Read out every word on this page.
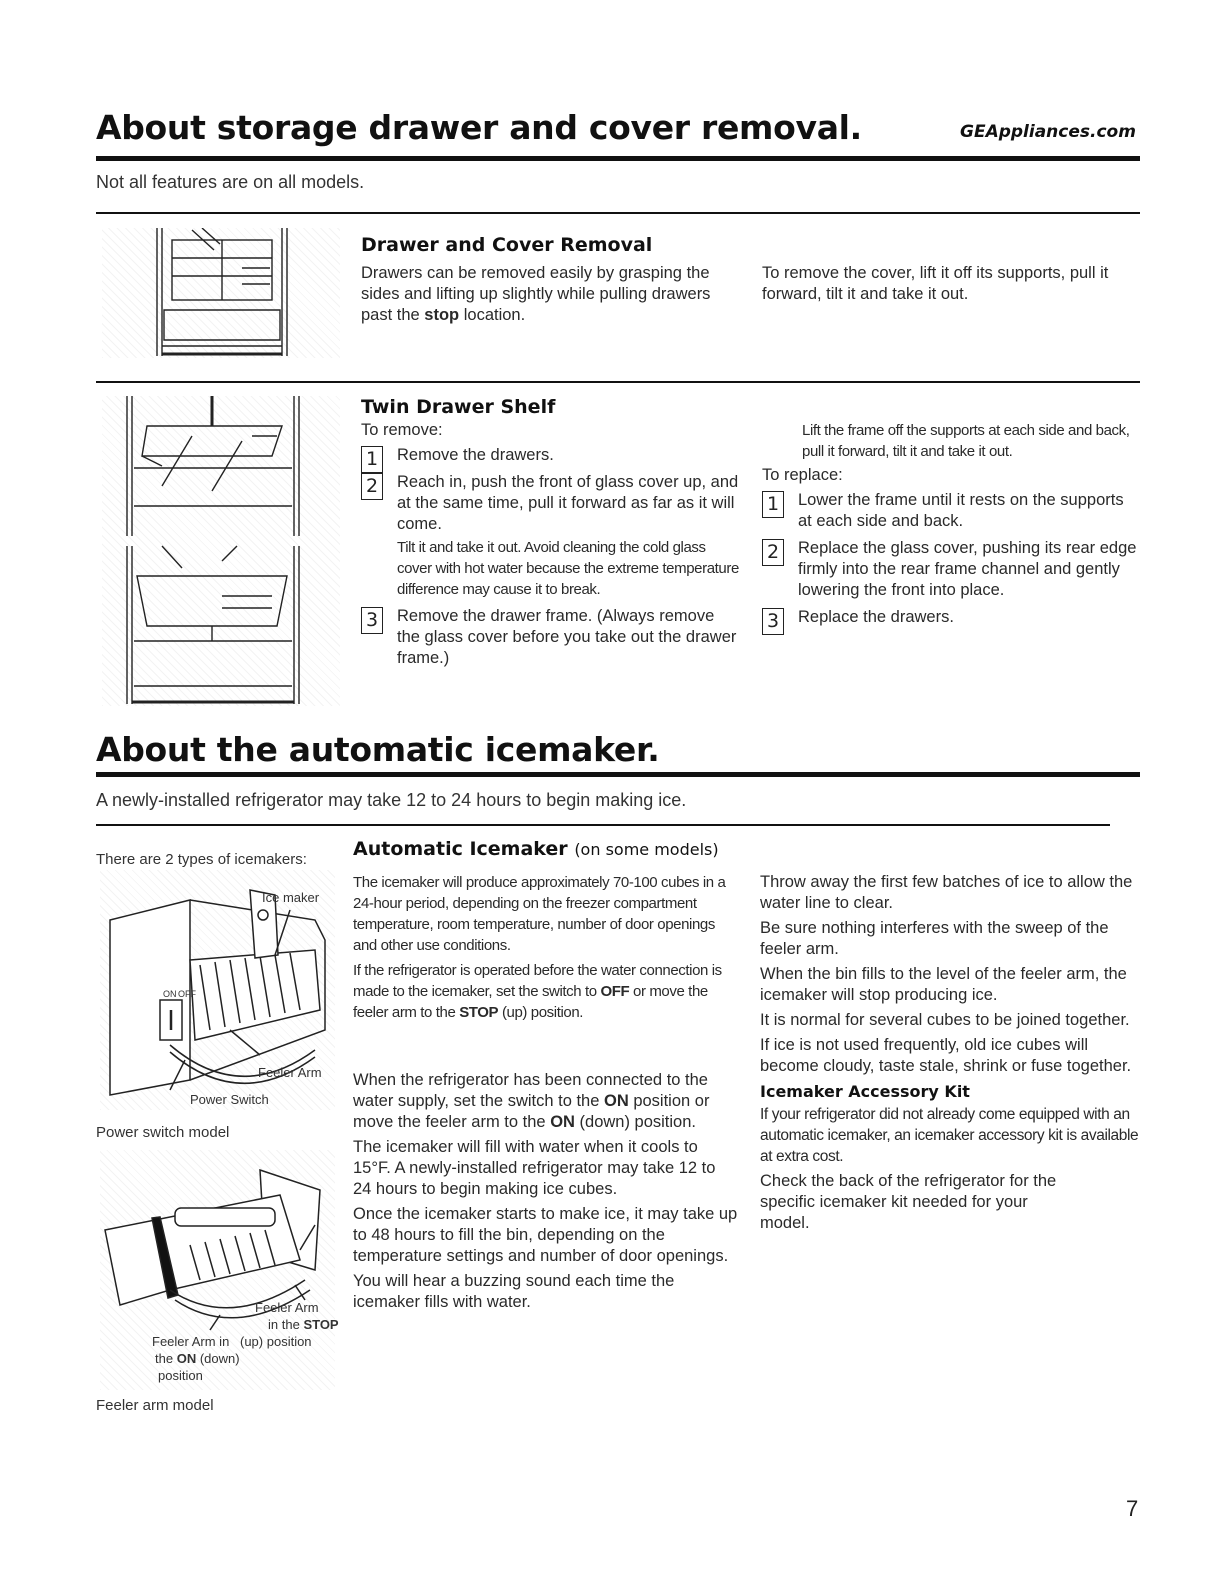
About storage drawer and cover removal.	GEAppliances.com
Not all features are on all models.
Drawer and Cover Removal
Drawers can be removed easily by grasping the sides and lifting up slightly while pulling drawers past the stop location.
To remove the cover, lift it off its supports, pull it forward, tilt it and take it out.
Twin Drawer Shelf

To remove:

1	Remove the drawers.
2	Reach in, push the front of glass cover up, and at the same time, pull it forward as far as it will come.
Tilt it and take it out. Avoid cleaning the cold glass cover with hot water because the extreme temperature difference may cause it to break.
3	Remove the drawer frame. (Always remove the glass cover before you take out the drawer frame.)
Lift the frame off the supports at each side and back, pull it forward, tilt it and take it out.

To replace:

1	Lower the frame until it rests on the supports at each side and back.
2	Replace the glass cover, pushing its rear edge firmly into the rear frame channel and gently lowering the front into place.
3	Replace the drawers.
About the automatic icemaker.
A newly-installed refrigerator may take 12 to 24 hours to begin making ice.
There are 2 types of icemakers:
ON OFF
Ice maker
Feeler Arm
Power Switch
Power switch model
Feeler Arm
in the STOP
(up) position
Feeler Arm in
the ON (down)
position
Feeler arm model
Automatic Icemaker (on some models)

The icemaker will produce approximately 70-100 cubes in a 24-hour period, depending on the freezer compartment temperature, room temperature, number of door openings and other use conditions.

If the refrigerator is operated before the water connection is made to the icemaker, set the switch to OFF or move the feeler arm to the STOP (up) position.

When the refrigerator has been connected to the water supply, set the switch to the ON position or move the feeler arm to the ON (down) position.

The icemaker will fill with water when it cools to 15°F. A newly-installed refrigerator may take 12 to 24 hours to begin making ice cubes.

Once the icemaker starts to make ice, it may take up to 48 hours to fill the bin, depending on the temperature settings and number of door openings.

You will hear a buzzing sound each time the icemaker fills with water.

Throw away the first few batches of ice to allow the water line to clear.

Be sure nothing interferes with the sweep of the feeler arm.

When the bin fills to the level of the feeler arm, the icemaker will stop producing ice.

It is normal for several cubes to be joined together.

If ice is not used frequently, old ice cubes will become cloudy, taste stale, shrink or fuse together.

Icemaker Accessory Kit

If your refrigerator did not already come equipped with an automatic icemaker, an icemaker accessory kit is available at extra cost.

Check the back of the refrigerator for the specific icemaker kit needed for your model.

7
